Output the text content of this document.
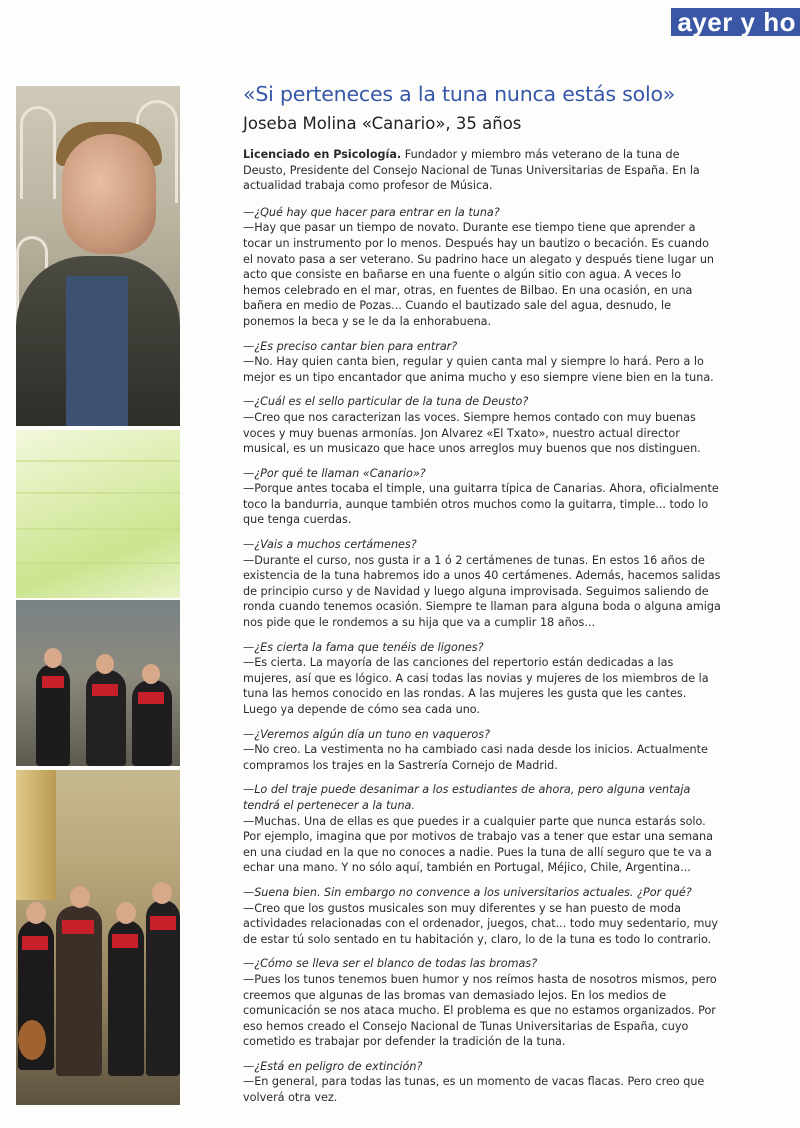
ayer y ho
«Si perteneces a la tuna nunca estás solo»
Joseba Molina «Canario», 35 años

Licenciado en Psicología. Fundador y miembro más veterano de la tuna de Deusto, Presidente del Consejo Nacional de Tunas Universitarias de España. En la actualidad trabaja como profesor de Música.

—¿Qué hay que hacer para entrar en la tuna?

—Hay que pasar un tiempo de novato. Durante ese tiempo tiene que aprender a tocar un instrumento por lo menos. Después hay un bautizo o becación. Es cuando el novato pasa a ser veterano. Su padrino hace un alegato y después tiene lugar un acto que consiste en bañarse en una fuente o algún sitio con agua. A veces lo hemos celebrado en el mar, otras, en fuentes de Bilbao. En una ocasión, en una bañera en medio de Pozas... Cuando el bautizado sale del agua, desnudo, le ponemos la beca y se le da la enhorabuena.

—¿Es preciso cantar bien para entrar?

—No. Hay quien canta bien, regular y quien canta mal y siempre lo hará. Pero a lo mejor es un tipo encantador que anima mucho y eso siempre viene bien en la tuna.

—¿Cuál es el sello particular de la tuna de Deusto?

—Creo que nos caracterizan las voces. Siempre hemos contado con muy buenas voces y muy buenas armonías. Jon Alvarez «El Txato», nuestro actual director musical, es un musicazo que hace unos arreglos muy buenos que nos distinguen.

—¿Por qué te llaman «Canario»?

—Porque antes tocaba el timple, una guitarra típica de Canarias. Ahora, oficialmente toco la bandurria, aunque también otros muchos como la guitarra, timple... todo lo que tenga cuerdas.

—¿Vais a muchos certámenes?

—Durante el curso, nos gusta ir a 1 ó 2 certámenes de tunas. En estos 16 años de existencia de la tuna habremos ido a unos 40 certámenes. Además, hacemos salidas de principio curso y de Navidad y luego alguna improvisada. Seguimos saliendo de ronda cuando tenemos ocasión. Siempre te llaman para alguna boda o alguna amiga nos pide que le rondemos a su hija que va a cumplir 18 años...

—¿Es cierta la fama que tenéis de ligones?

—Es cierta. La mayoría de las canciones del repertorio están dedicadas a las mujeres, así que es lógico. A casi todas las novias y mujeres de los miembros de la tuna las hemos conocido en las rondas. A las mujeres les gusta que les cantes. Luego ya depende de cómo sea cada uno.

—¿Veremos algún día un tuno en vaqueros?

—No creo. La vestimenta no ha cambiado casi nada desde los inicios. Actualmente compramos los trajes en la Sastrería Cornejo de Madrid.

—Lo del traje puede desanimar a los estudiantes de ahora, pero alguna ventaja tendrá el pertenecer a la tuna.

—Muchas. Una de ellas es que puedes ir a cualquier parte que nunca estarás solo. Por ejemplo, imagina que por motivos de trabajo vas a tener que estar una semana en una ciudad en la que no conoces a nadie. Pues la tuna de allí seguro que te va a echar una mano. Y no sólo aquí, también en Portugal, Méjico, Chile, Argentina...

—Suena bien. Sin embargo no convence a los universitarios actuales. ¿Por qué?

—Creo que los gustos musicales son muy diferentes y se han puesto de moda actividades relacionadas con el ordenador, juegos, chat... todo muy sedentario, muy de estar tú solo sentado en tu habitación y, claro, lo de la tuna es todo lo contrario.

—¿Cómo se lleva ser el blanco de todas las bromas?

—Pues los tunos tenemos buen humor y nos reímos hasta de nosotros mismos, pero creemos que algunas de las bromas van demasiado lejos. En los medios de comunicación se nos ataca mucho. El problema es que no estamos organizados. Por eso hemos creado el Consejo Nacional de Tunas Universitarias de España, cuyo cometido es trabajar por defender la tradición de la tuna.

—¿Está en peligro de extinción?

—En general, para todas las tunas, es un momento de vacas flacas. Pero creo que volverá otra vez.
